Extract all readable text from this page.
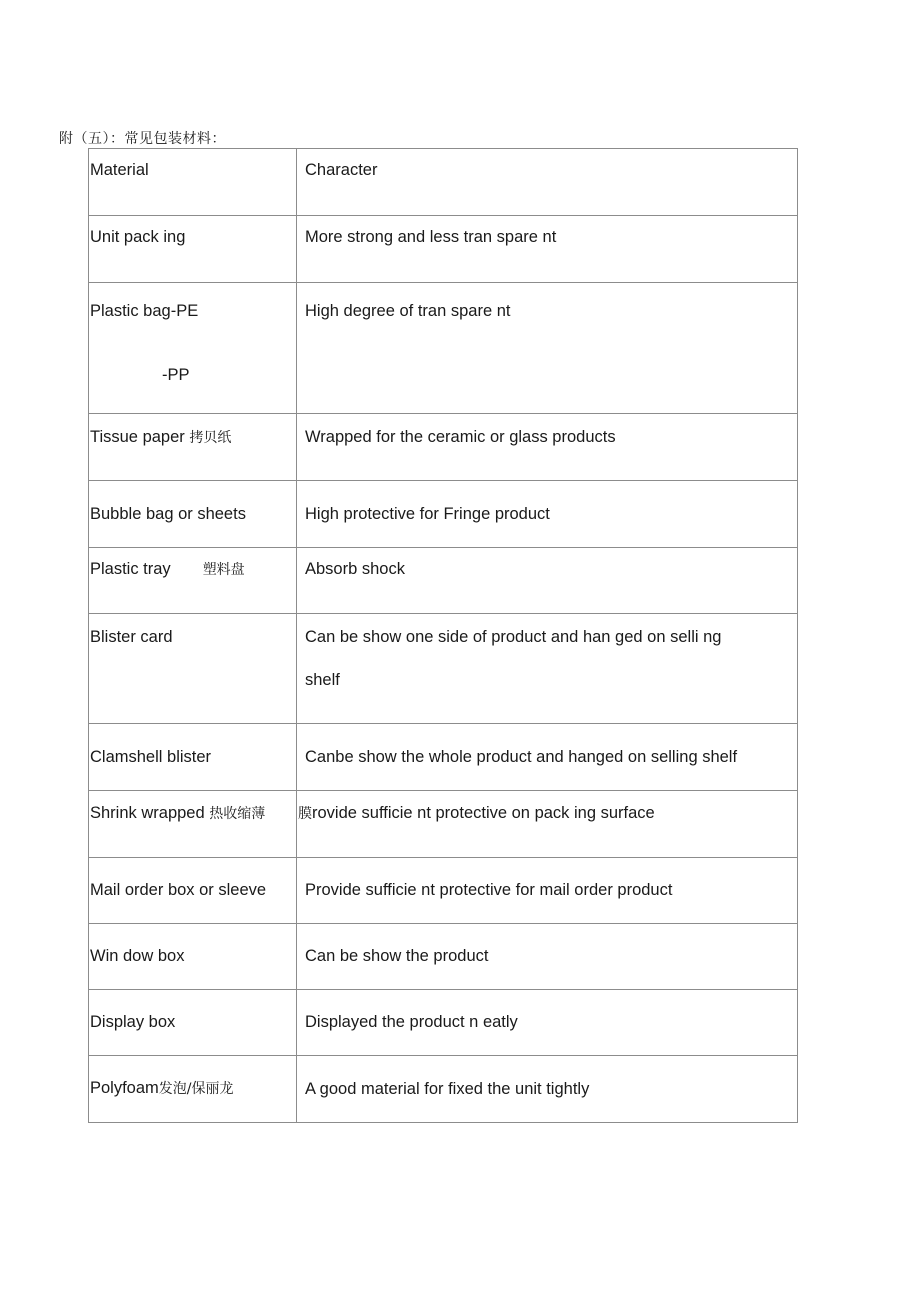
附（五）：常见包装材料：
Material	Character

Unit pack ing	More strong and less tran spare nt

Plastic bag-PE
-PP	High degree of tran spare nt

Tissue paper 拷贝纸	Wrapped for the ceramic or glass products

Bubble bag or sheets	High protective for Fringe product

Plastic tray 塑料盘	Absorb shock

Blister card	Can be show one side of product and han ged on selli ng
shelf

Clamshell blister	Canbe show the whole product and hanged on selling shelf

Shrink wrapped 热收缩薄	膜rovide sufficie nt protective on pack ing surface

Mail order box or sleeve	Provide sufficie nt protective for mail order product

Win dow box	Can be show the product

Display box	Displayed the product n eatly

Polyfoam发泡/保丽龙	A good material for fixed the unit tightly
